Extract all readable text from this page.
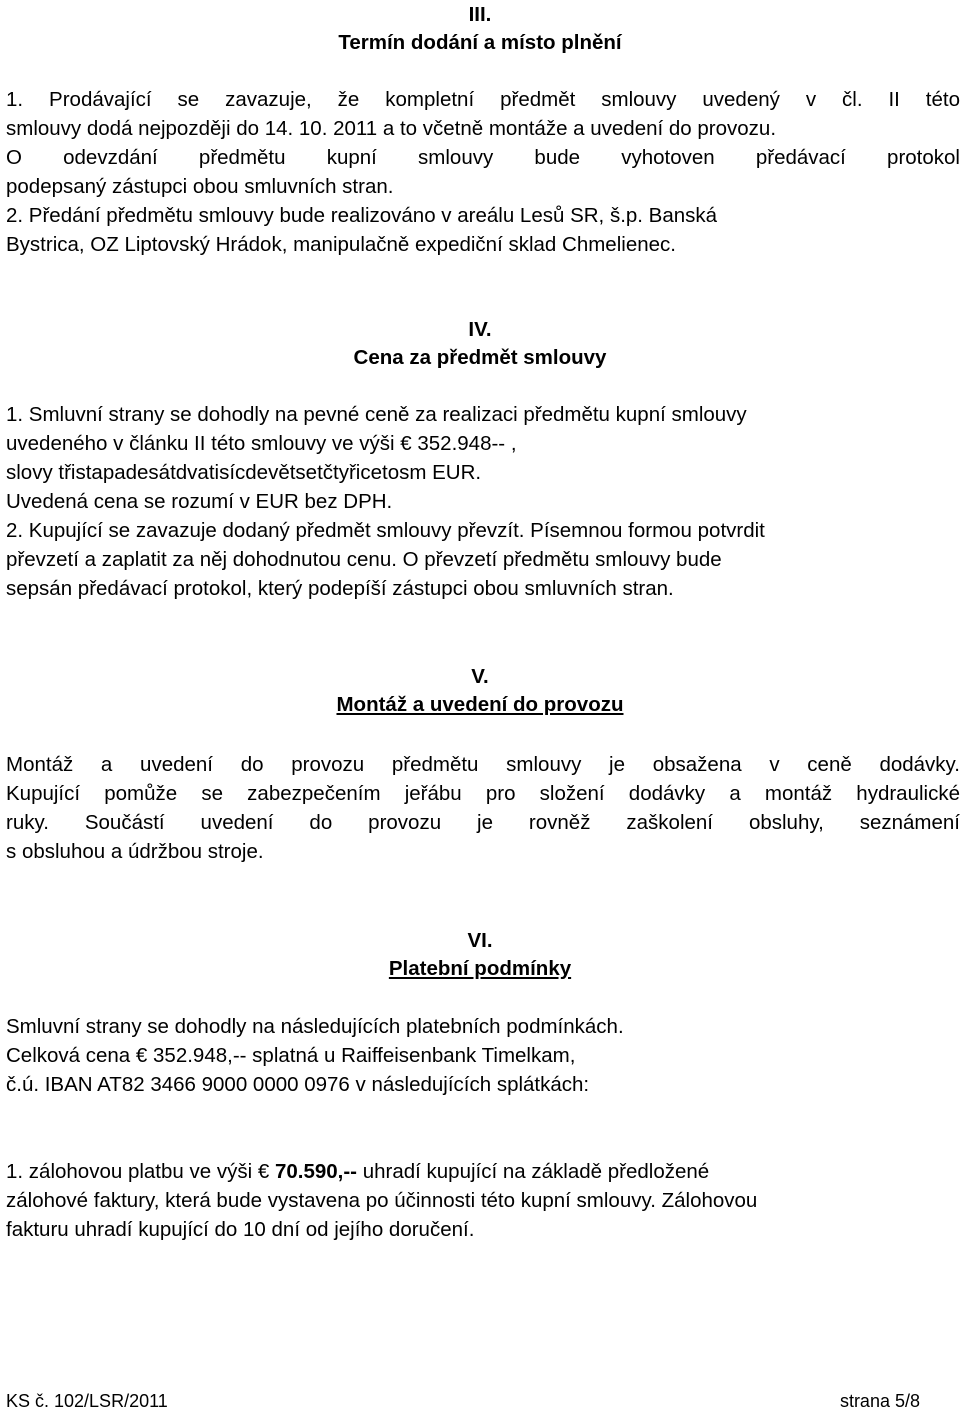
III.
Termín dodání a místo plnění
1. Prodávající se zavazuje, že kompletní předmět smlouvy uvedený v čl. II této
smlouvy dodá nejpozději do 14. 10. 2011 a to včetně montáže a uvedení do provozu.
O odevzdání předmětu kupní smlouvy bude vyhotoven předávací protokol
podepsaný zástupci obou smluvních stran.
2. Předání předmětu smlouvy bude realizováno v areálu Lesů SR, š.p. Banská
Bystrica, OZ Liptovský Hrádok, manipulačně expediční sklad Chmelienec.
IV.
Cena za předmět smlouvy
1. Smluvní strany se dohodly na pevné ceně za realizaci předmětu kupní smlouvy
uvedeného v článku II této smlouvy ve výši € 352.948-- ,
slovy třistapadesátdvatisícdevětsetčtyřicetosm EUR.
Uvedená cena se rozumí v EUR bez DPH.
2. Kupující se zavazuje dodaný předmět smlouvy převzít. Písemnou formou potvrdit
převzetí a zaplatit za něj dohodnutou cenu. O převzetí předmětu smlouvy bude
sepsán předávací protokol, který podepíší zástupci obou smluvních stran.
V.
Montáž a uvedení do provozu
Montáž a uvedení do provozu předmětu smlouvy je obsažena v ceně dodávky.
Kupující pomůže se zabezpečením jeřábu pro složení dodávky a montáž hydraulické
ruky. Součástí uvedení do provozu je rovněž zaškolení obsluhy, seznámení
s obsluhou a údržbou stroje.
VI.
Platební podmínky
Smluvní strany se dohodly na následujících platebních podmínkách.
Celková cena € 352.948,-- splatná u Raiffeisenbank Timelkam,
č.ú. IBAN AT82 3466 9000 0000 0976 v následujících splátkách:
1. zálohovou platbu ve výši € 70.590,-- uhradí kupující na základě předložené
zálohové faktury, která bude vystavena po účinnosti této kupní smlouvy. Zálohovou
fakturu uhradí kupující do 10 dní od jejího doručení.
KS č. 102/LSR/2011	strana 5/8
